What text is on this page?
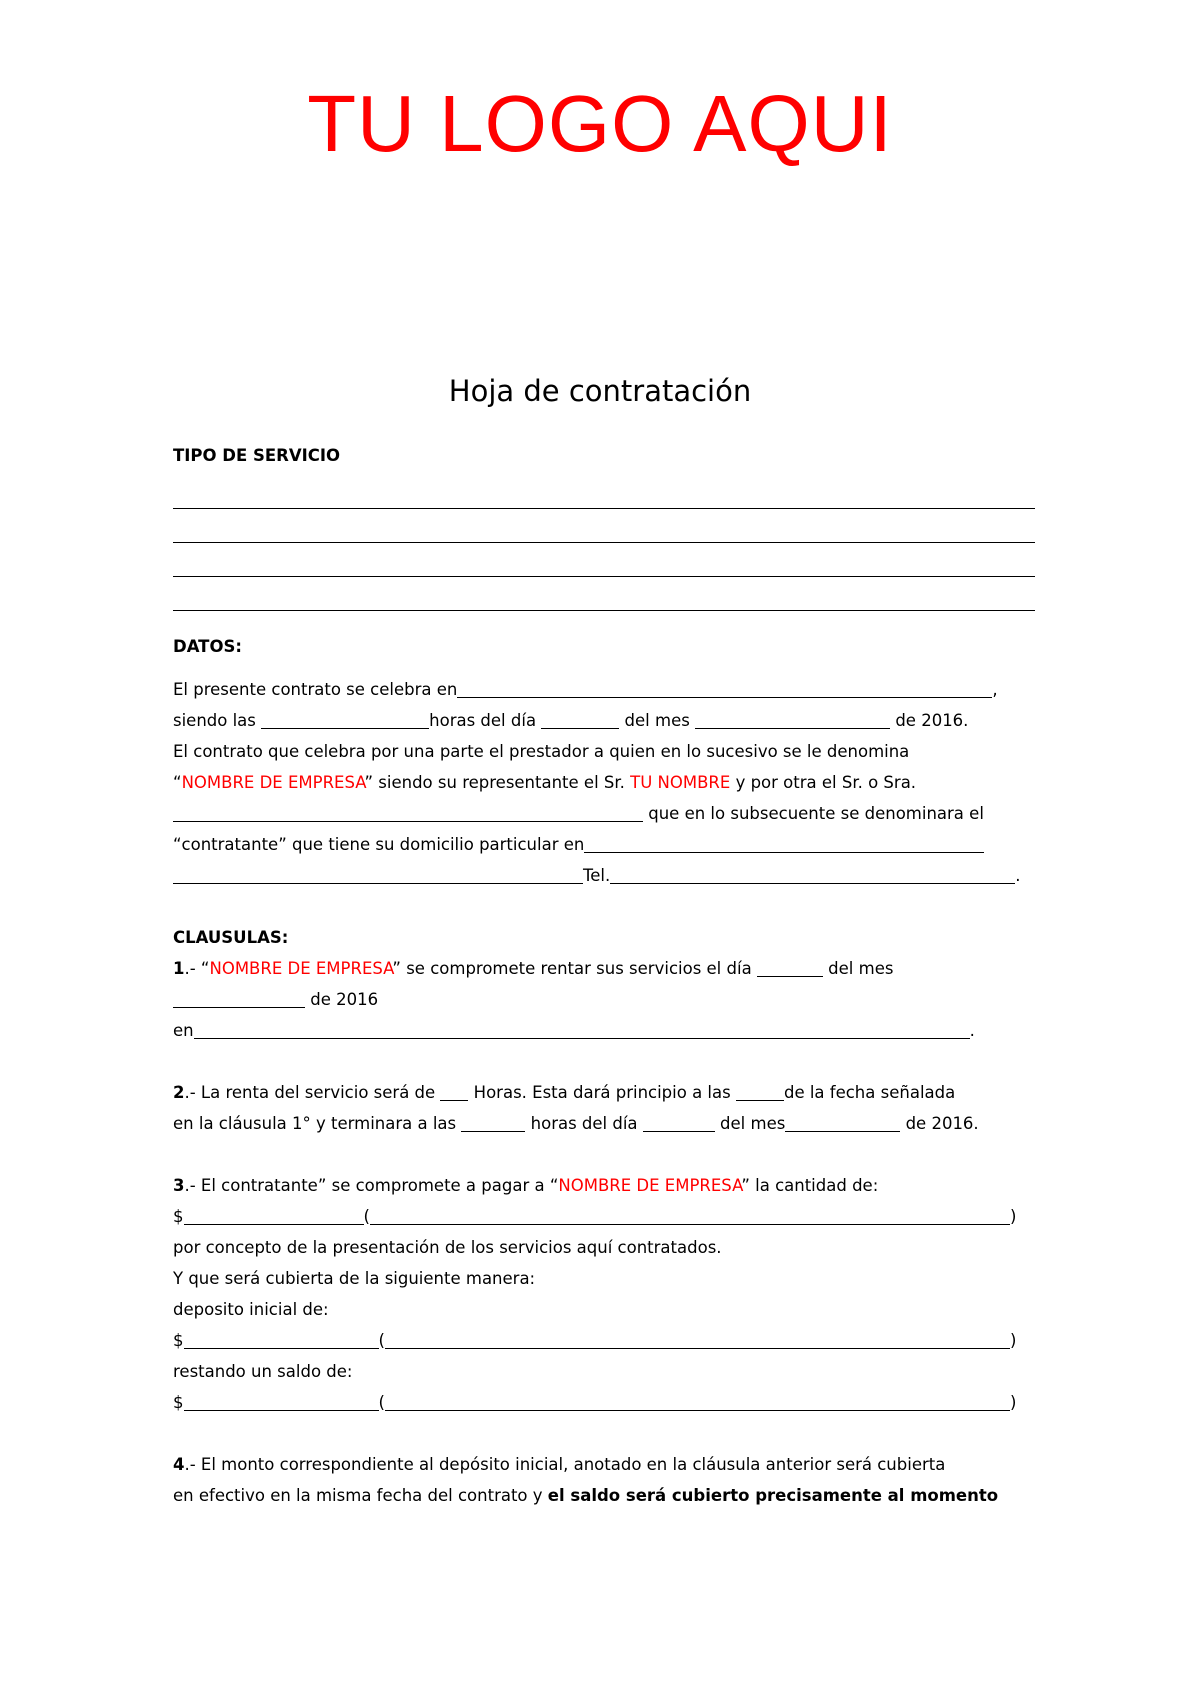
TU LOGO AQUI
Hoja de contratación
TIPO DE SERVICIO
DATOS:
El presente contrato se celebra en	,
siendo las	horas del día	del mes	de 2016.
El contrato que celebra por una parte el prestador a quien en lo sucesivo se le denomina
“NOMBRE DE EMPRESA” siendo su representante el Sr. TU NOMBRE y por otra el Sr. o Sra.
que en lo subsecuente se denominara el
“contratante” que tiene su domicilio particular en
Tel.	.
CLAUSULAS:
1.- “NOMBRE DE EMPRESA” se compromete rentar sus servicios el día	del mes
de 2016
en	.
2.- La renta del servicio será de  Horas. Esta dará principio a las	de la fecha señalada
en la cláusula 1° y terminara a las	horas del día	del mes	de 2016.
3.- El contratante” se compromete a pagar a “NOMBRE DE EMPRESA” la cantidad de:
$	(	)
por concepto de la presentación de los servicios aquí contratados.
Y que será cubierta de la siguiente manera:
deposito inicial de:
$	(	)
restando un saldo de:
$	(	)
4.- El monto correspondiente al depósito inicial, anotado en la cláusula anterior será cubierta
en efectivo en la misma fecha del contrato y el saldo será cubierto precisamente al momento
